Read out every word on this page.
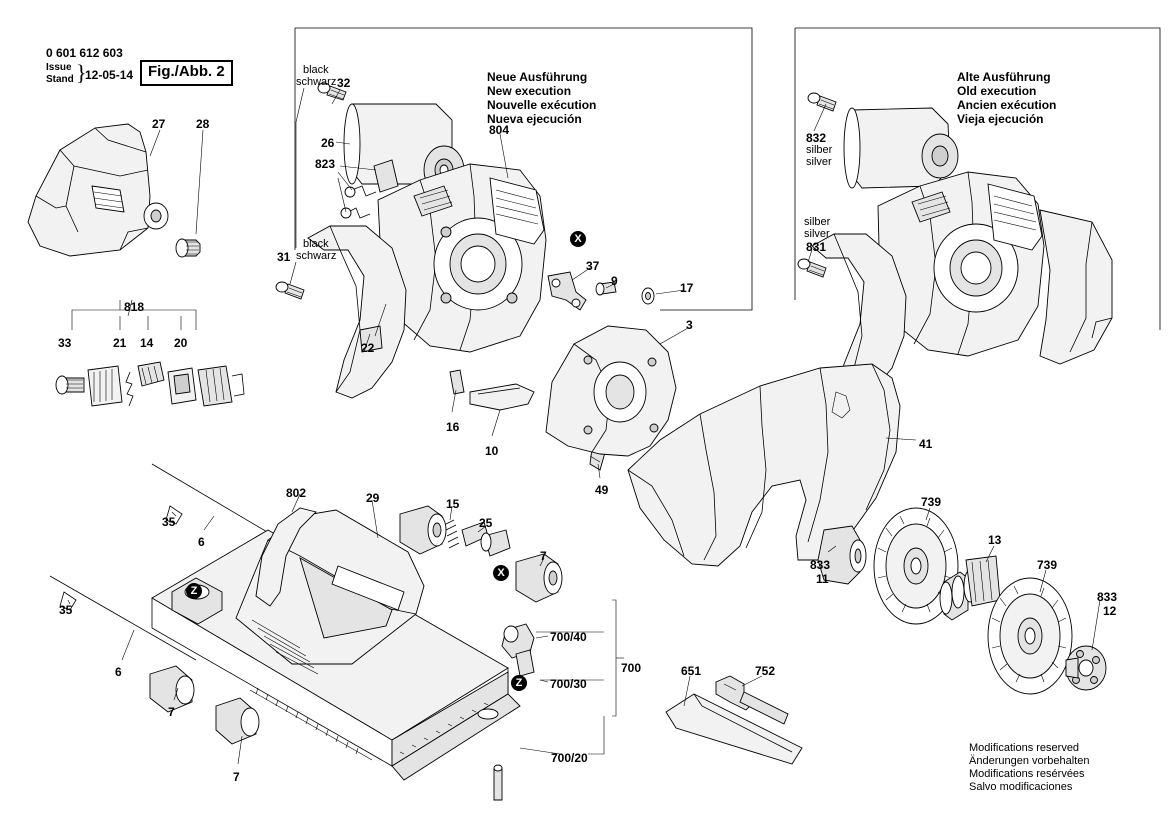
0 601 612 603
Issue
Stand 12-05-14
}	Fig./Abb. 2	Neue Ausführung
New execution
Nouvelle exécution
Nueva ejecución
Alte Ausführung
Old execution
Ancien exécution
Vieja ejecución
black
schwarz
black
schwarz
silber
silver
silber
silver
Modifications reserved
Änderungen vorbehalten
Modifications resérvées
Salvo modificaciones
27	28
818
33	21 14 20
32
26
823
31
22
804
37
9	17
3
16
10
49
41
832
831
35
6
35
6
802	29	15
25
7
7
7
700
700/40
700/30
700/20
651	752
833
11
739
13
739
833
12
X
X
Z
Z
